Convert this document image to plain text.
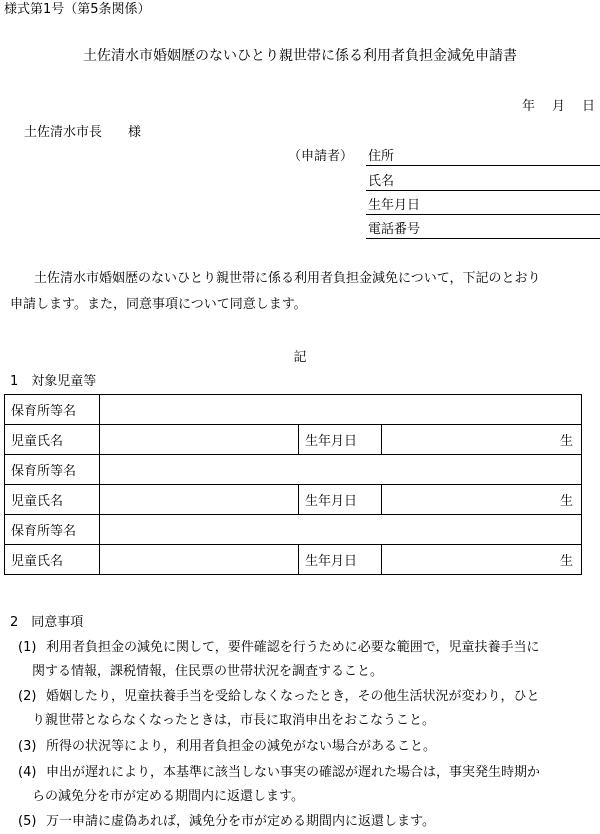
様式第1号（第5条関係）
土佐清水市婚姻歴のないひとり親世帯に係る利用者負担金減免申請書
年　月　日
土佐清水市長　　様
（申請者） 住所
氏名
生年月日
電話番号
土佐清水市婚姻歴のないひとり親世帯に係る利用者負担金減免について，下記のとおり
申請します。また，同意事項について同意します。
記
1　対象児童等
保育所等名			
児童氏名		生年月日	生
保育所等名			
児童氏名		生年月日	生
保育所等名			
児童氏名		生年月日	生
2　同意事項
(1) 利用者負担金の減免に関して，要件確認を行うために必要な範囲で，児童扶養手当に
関する情報，課税情報，住民票の世帯状況を調査すること。
(2) 婚姻したり，児童扶養手当を受給しなくなったとき，その他生活状況が変わり，ひと
り親世帯とならなくなったときは，市長に取消申出をおこなうこと。
(3) 所得の状況等により，利用者負担金の減免がない場合があること。
(4) 申出が遅れにより，本基準に該当しない事実の確認が遅れた場合は，事実発生時期か
らの減免分を市が定める期間内に返還します。
(5) 万一申請に虚偽あれば，減免分を市が定める期間内に返還します。
